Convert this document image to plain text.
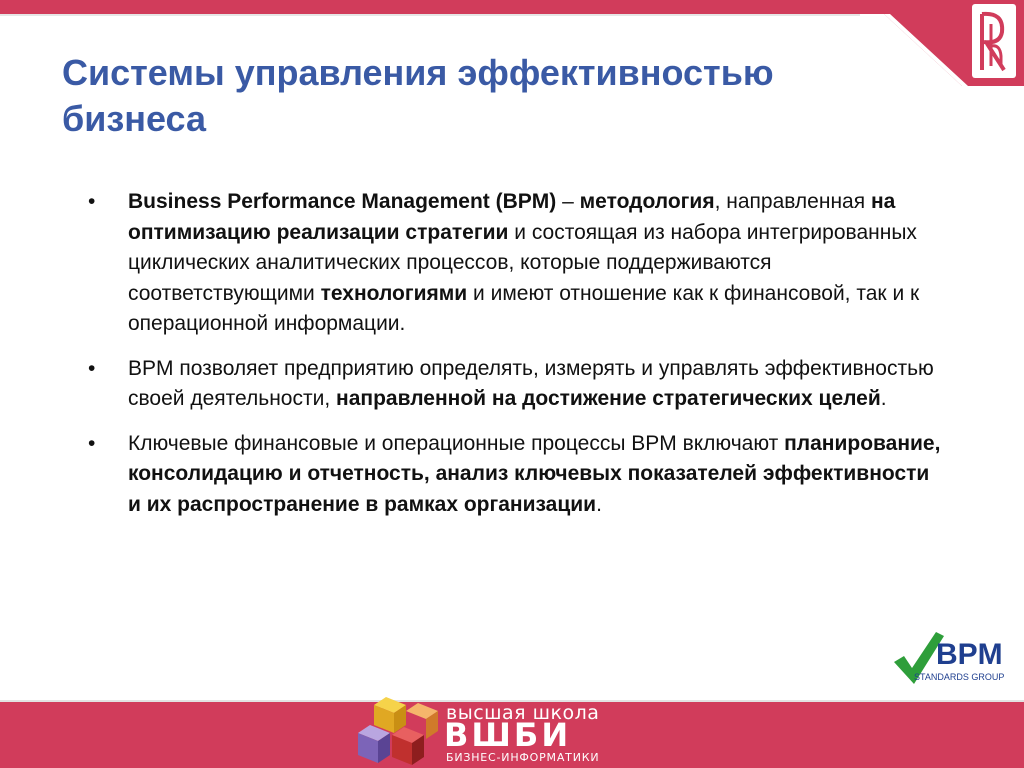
Системы управления эффективностью
бизнеса
• Business Performance Management (BPM) – методология, направленная на оптимизацию реализации стратегии и состоящая из набора интегрированных циклических аналитических процессов, которые поддерживаются соответствующими технологиями и имеют отношение как к финансовой, так и к операционной информации.
• BPM позволяет предприятию определять, измерять и управлять эффективностью своей деятельности, направленной на достижение стратегических целей.
• Ключевые финансовые и операционные процессы BPM включают планирование, консолидацию и отчетность, анализ ключевых показателей эффективности и их распространение в рамках организации.
BPM
STANDARDS GROUP
высшая школа
ВШБИ
БИЗНЕС-ИНФОРМАТИКИ
